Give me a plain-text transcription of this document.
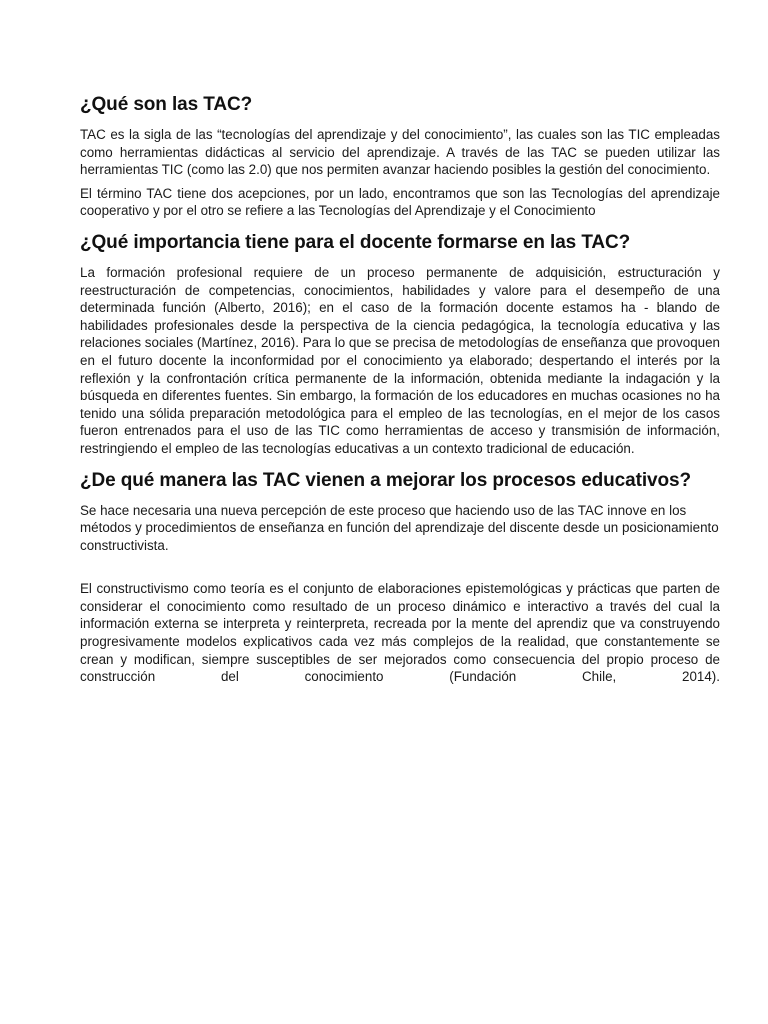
¿Qué son las TAC?

TAC es la sigla de las “tecnologías del aprendizaje y del conocimiento”, las cuales son las TIC empleadas como herramientas didácticas al servicio del aprendizaje. A través de las TAC se pueden utilizar las herramientas TIC (como las 2.0) que nos permiten avanzar haciendo posibles la gestión del conocimiento.

El término TAC tiene dos acepciones, por un lado, encontramos que son las Tecnologías del aprendizaje cooperativo y por el otro se refiere a las Tecnologías del Aprendizaje y el Conocimiento

¿Qué importancia tiene para el docente formarse en las TAC?

La formación profesional requiere de un proceso permanente de adquisición, estructuración y reestructuración de competencias, conocimientos, habilidades y valore para el desempeño de una determinada función (Alberto, 2016); en el caso de la formación docente estamos ha - blando de habilidades profesionales desde la perspectiva de la ciencia pedagógica, la tecnología educativa y las relaciones sociales (Martínez, 2016). Para lo que se precisa de metodologías de enseñanza que provoquen en el futuro docente la inconformidad por el conocimiento ya elaborado; despertando el interés por la reflexión y la confrontación crítica permanente de la información, obtenida mediante la indagación y la búsqueda en diferentes fuentes. Sin embargo, la formación de los educadores en muchas ocasiones no ha tenido una sólida preparación metodológica para el empleo de las tecnologías, en el mejor de los casos fueron entrenados para el uso de las TIC como herramientas de acceso y transmisión de información, restringiendo el empleo de las tecnologías educativas a un contexto tradicional de educación.

¿De qué manera las TAC vienen a mejorar los procesos educativos?

Se hace necesaria una nueva percepción de este proceso que haciendo uso de las TAC innove en los métodos y procedimientos de enseñanza en función del aprendizaje del discente desde un posicionamiento constructivista.

El constructivismo como teoría es el conjunto de elaboraciones epistemológicas y prácticas que parten de considerar el conocimiento como resultado de un proceso dinámico e interactivo a través del cual la información externa se interpreta y reinterpreta, recreada por la mente del aprendiz que va construyendo progresivamente modelos explicativos cada vez más complejos de la realidad, que constantemente se crean y modifican, siempre susceptibles de ser mejorados como consecuencia del propio proceso de construcción del conocimiento (Fundación Chile, 2014).
